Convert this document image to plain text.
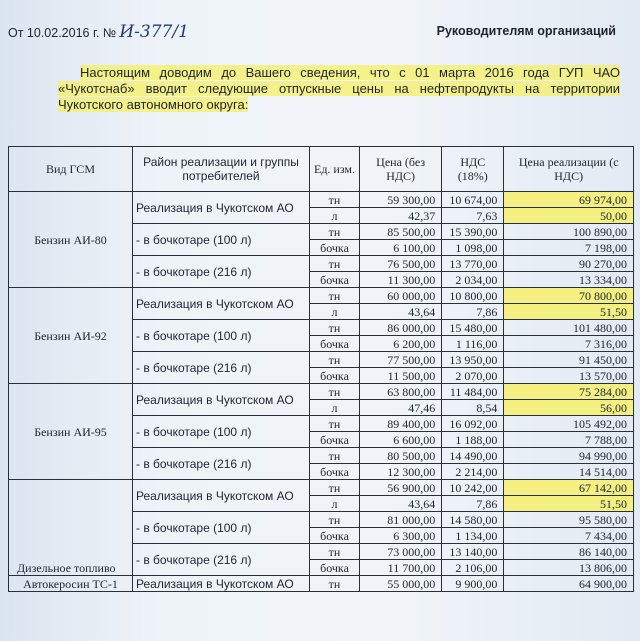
От 10.02.2016 г. № И-377/1	Руководителям организаций
Настоящим доводим до Вашего сведения, что с 01 марта 2016 года ГУП ЧАО «Чукотснаб» вводит следующие отпускные цены на нефтепродукты на территории Чукотского автономного округа:
Вид ГСМ	Район реализации и группы потребителей	Ед. изм.	Цена (без НДС)	НДС (18%)	Цена реализации (с НДС)
Бензин АИ-80	Реализация в Чукотском АО	тн	59 300,00	10 674,00	69 974,00
		л	42,37	7,63	50,00
	- в бочкотаре (100 л)	тн	85 500,00	15 390,00	100 890,00
		бочка	6 100,00	1 098,00	7 198,00
	- в бочкотаре (216 л)	тн	76 500,00	13 770,00	90 270,00
		бочка	11 300,00	2 034,00	13 334,00
Бензин АИ-92	Реализация в Чукотском АО	тн	60 000,00	10 800,00	70 800,00
		л	43,64	7,86	51,50
	- в бочкотаре (100 л)	тн	86 000,00	15 480,00	101 480,00
		бочка	6 200,00	1 116,00	7 316,00
	- в бочкотаре (216 л)	тн	77 500,00	13 950,00	91 450,00
		бочка	11 500,00	2 070,00	13 570,00
Бензин АИ-95	Реализация в Чукотском АО	тн	63 800,00	11 484,00	75 284,00
		л	47,46	8,54	56,00
	- в бочкотаре (100 л)	тн	89 400,00	16 092,00	105 492,00
		бочка	6 600,00	1 188,00	7 788,00
	- в бочкотаре (216 л)	тн	80 500,00	14 490,00	94 990,00
		бочка	12 300,00	2 214,00	14 514,00
Дизельное топливо	Реализация в Чукотском АО	тн	56 900,00	10 242,00	67 142,00
		л	43,64	7,86	51,50
	- в бочкотаре (100 л)	тн	81 000,00	14 580,00	95 580,00
		бочка	6 300,00	1 134,00	7 434,00
	- в бочкотаре (216 л)	тн	73 000,00	13 140,00	86 140,00
		бочка	11 700,00	2 106,00	13 806,00
Автокеросин ТС-1	Реализация в Чукотском АО	тн	55 000,00	9 900,00	64 900,00
